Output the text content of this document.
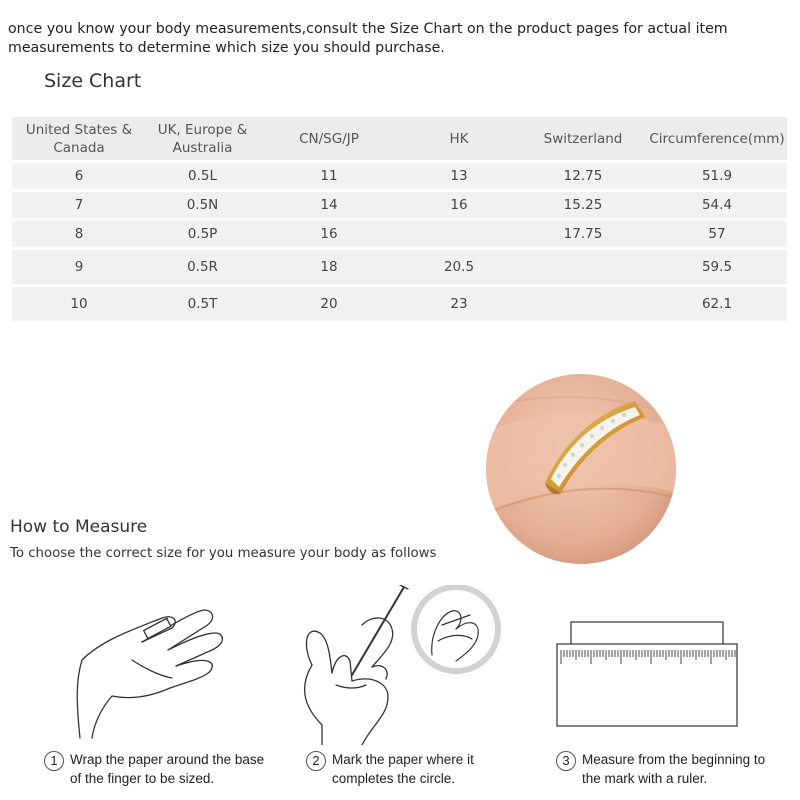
once you know your body measurements,consult the Size Chart on the product pages for actual item measurements to determine which size you should purchase.
Size Chart
United States & Canada	UK, Europe & Australia	CN/SG/JP	HK	Switzerland	Circumference(mm)
6	0.5L	11	13	12.75	51.9
7	0.5N	14	16	15.25	54.4
8	0.5P	16		17.75	57
9	0.5R	18	20.5		59.5
10	0.5T	20	23		62.1
How to Measure
To choose the correct size for you measure your body as follows
1 Wrap the paper around the base of the finger to be sized.
2 Mark the paper where it completes the circle.
3 Measure from the beginning to the mark with a ruler.
